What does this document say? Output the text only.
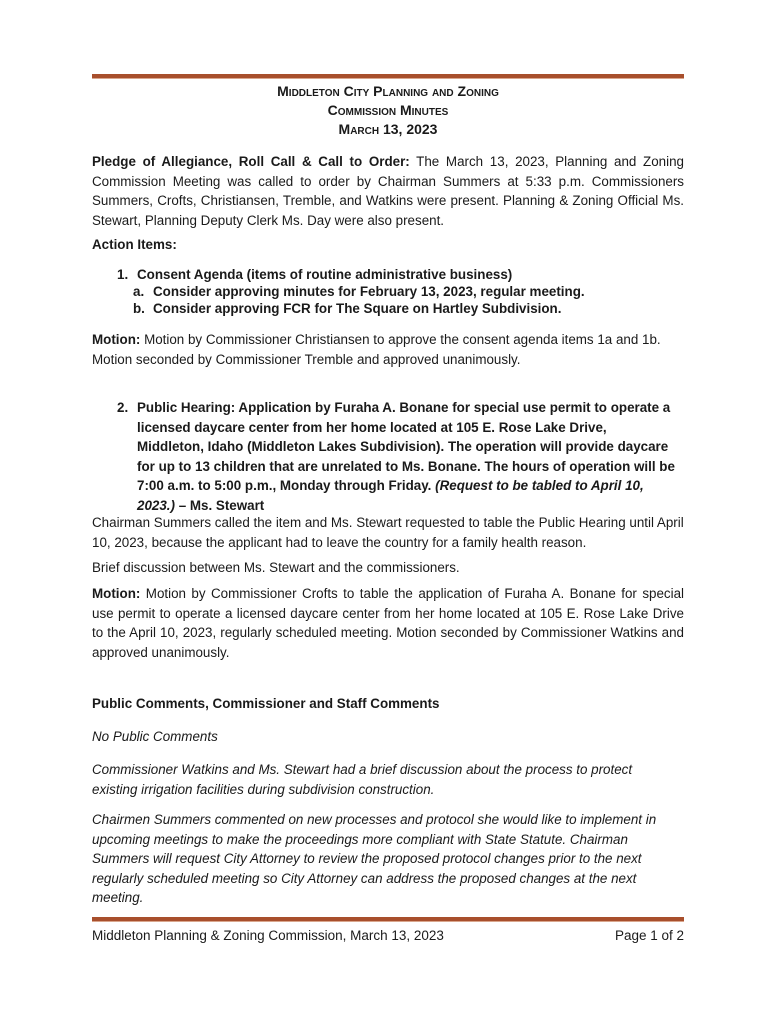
Middleton City Planning and Zoning
Commission Minutes
March 13, 2023
Pledge of Allegiance, Roll Call & Call to Order: The March 13, 2023, Planning and Zoning Commission Meeting was called to order by Chairman Summers at 5:33 p.m. Commissioners Summers, Crofts, Christiansen, Tremble, and Watkins were present. Planning & Zoning Official Ms. Stewart, Planning Deputy Clerk Ms. Day were also present.
Action Items:
1. Consent Agenda (items of routine administrative business)
a. Consider approving minutes for February 13, 2023, regular meeting.
b. Consider approving FCR for The Square on Hartley Subdivision.
Motion: Motion by Commissioner Christiansen to approve the consent agenda items 1a and 1b. Motion seconded by Commissioner Tremble and approved unanimously.
2. Public Hearing: Application by Furaha A. Bonane for special use permit to operate a licensed daycare center from her home located at 105 E. Rose Lake Drive, Middleton, Idaho (Middleton Lakes Subdivision). The operation will provide daycare for up to 13 children that are unrelated to Ms. Bonane. The hours of operation will be 7:00 a.m. to 5:00 p.m., Monday through Friday. (Request to be tabled to April 10, 2023.) – Ms. Stewart
Chairman Summers called the item and Ms. Stewart requested to table the Public Hearing until April 10, 2023, because the applicant had to leave the country for a family health reason.
Brief discussion between Ms. Stewart and the commissioners.
Motion: Motion by Commissioner Crofts to table the application of Furaha A. Bonane for special use permit to operate a licensed daycare center from her home located at 105 E. Rose Lake Drive to the April 10, 2023, regularly scheduled meeting. Motion seconded by Commissioner Watkins and approved unanimously.
Public Comments, Commissioner and Staff Comments
No Public Comments
Commissioner Watkins and Ms. Stewart had a brief discussion about the process to protect existing irrigation facilities during subdivision construction.
Chairmen Summers commented on new processes and protocol she would like to implement in upcoming meetings to make the proceedings more compliant with State Statute. Chairman Summers will request City Attorney to review the proposed protocol changes prior to the next regularly scheduled meeting so City Attorney can address the proposed changes at the next meeting.
Middleton Planning & Zoning Commission, March 13, 2023	Page 1 of 2
